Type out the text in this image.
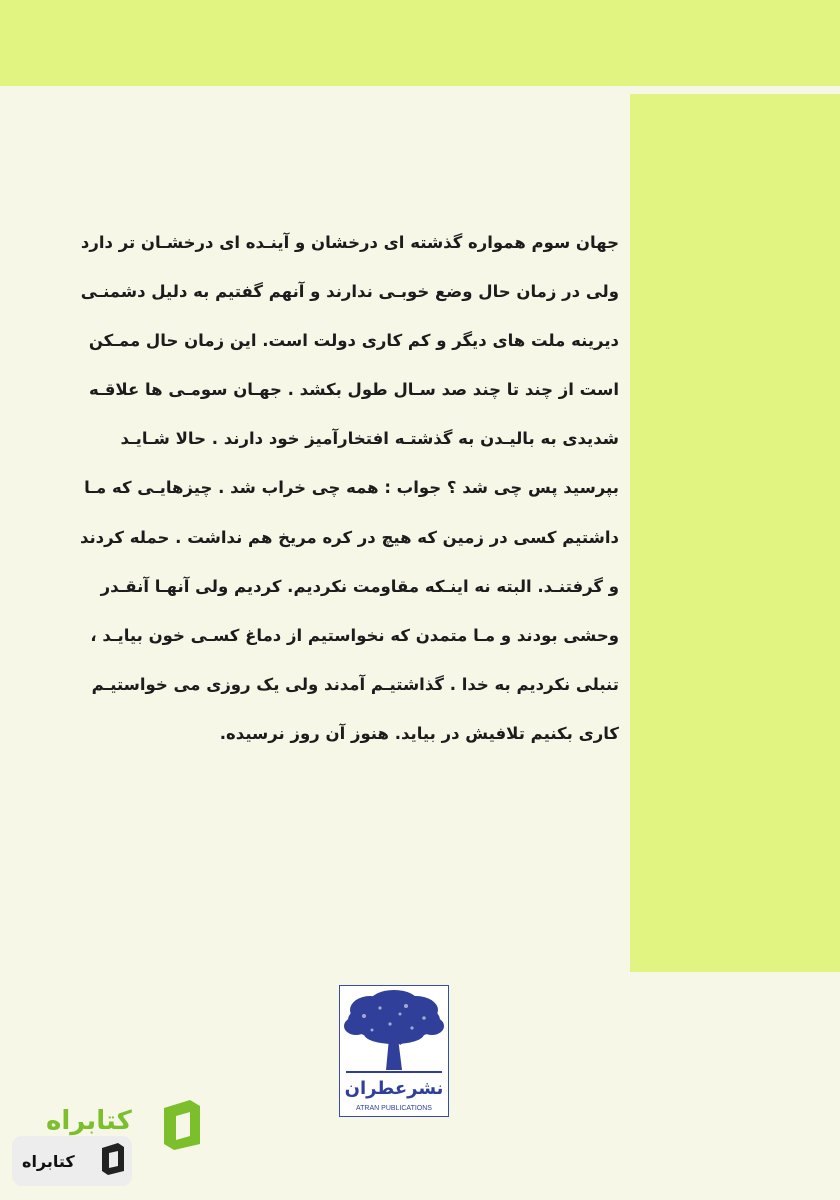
جهان سوم همواره گذشته ای درخشان و آینـده ای درخشـان تر دارد
ولی در زمان حال وضع خوبـی ندارند و آنهم گفتیم به دلیل دشمنـی
دیرینه ملت های دیگر و کم کاری دولت است. این زمان حال ممـکن
است از چند تا چند صد سـال طول بکشد . جهـان سومـی ها علاقـه
شدیدی به بالیـدن به گذشتـه افتخارآمیز خود دارند . حالا شـایـد
بپرسید پس چی شد ؟ جواب : همه چی خراب شد . چیزهایـی که مـا
داشتیم کسی در زمین که هیچ در کره مریخ هم نداشت . حمله کردند
و گرفتنـد. البته نه اینـکه مقاومت نکردیم. کردیم ولی آنهـا آنقـدر
وحشی بودند و مـا متمدن که نخواستیم از دماغ کسـی خون بیایـد ،
تنبلی نکردیم به خدا . گذاشتیـم آمدند ولی یک روزی می خواستیـم
کاری بکنیم تلافیش در بیاید. هنوز آن روز نرسیده.
نشرعطران
ATRAN PUBLICATIONS
کتابراه
کتابراه
